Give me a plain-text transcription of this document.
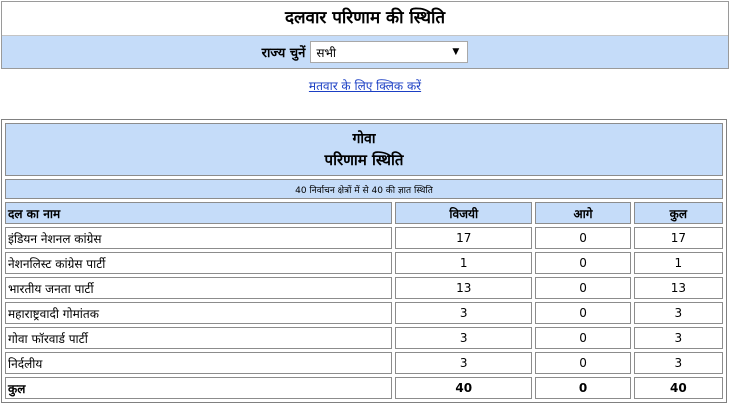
दलवार परिणाम की स्थिति
राज्य चुनें सभी	▼
मतवार के लिए क्लिक करें
गोवा
परिणाम स्थिति			

40 निर्वाचन क्षेत्रों में से 40 की ज्ञात स्थिति			
दल का नाम	विजयी	आगे	कुल
इंडियन नेशनल कांग्रेस	17	0	17
नेशनलिस्ट कांग्रेस पार्टी	1	0	1
भारतीय जनता पार्टी	13	0	13
महाराष्ट्रवादी गोमांतक	3	0	3
गोवा फॉरवार्ड पार्टी	3	0	3
निर्दलीय	3	0	3
कुल	40	0	40
